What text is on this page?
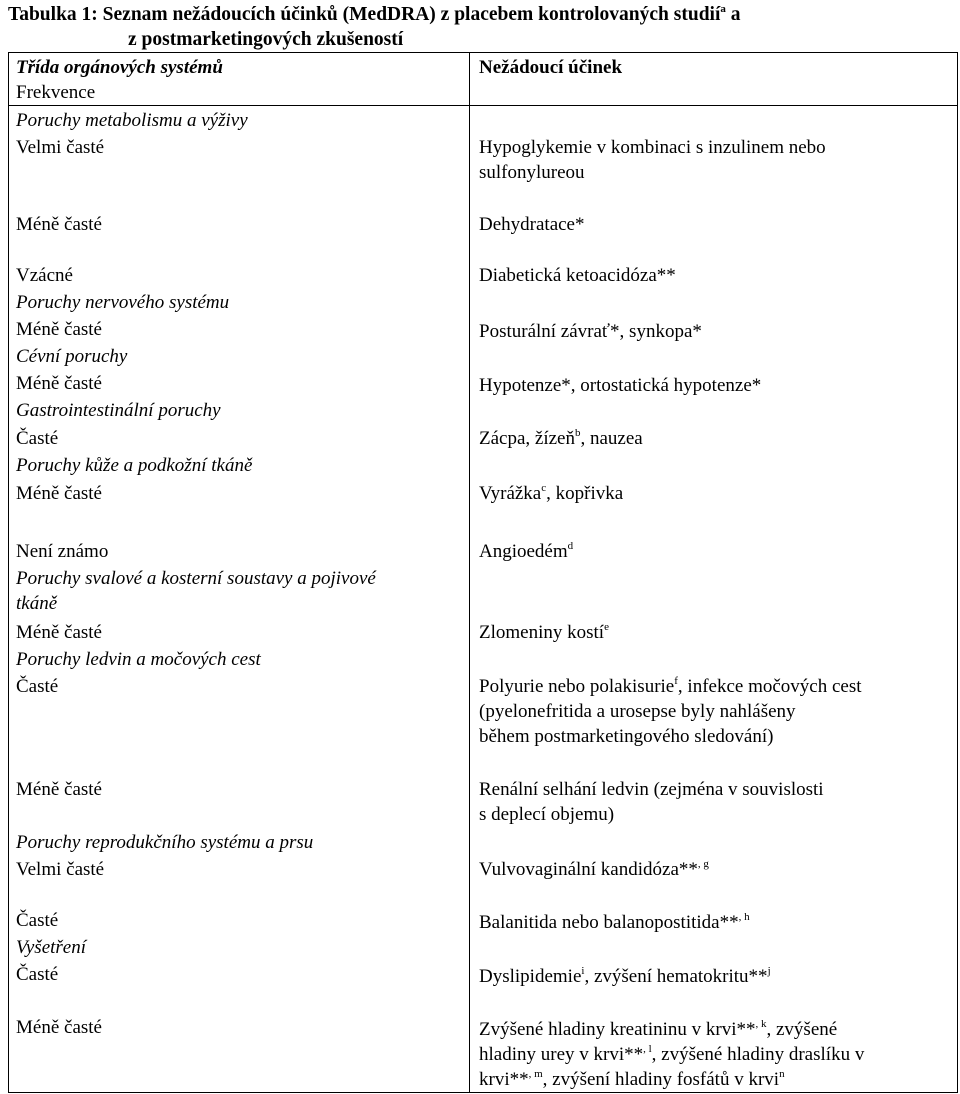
Tabulka 1: Seznam nežádoucích účinků (MedDRA) z placebem kontrolovaných studií$^a$ a
z postmarketingových zkušeností
Třída orgánových systémů
Frekvence
Nežádoucí účinek
Poruchy metabolismu a výživy
Velmi časté	Hypoglykemie v kombinaci s inzulinem nebo
sulfonylureou
Méně časté	Dehydratace*
Vzácné	Diabetická ketoacidóza**
Poruchy nervového systému
Méně časté	Posturální závrať*, synkopa*
Cévní poruchy
Méně časté	Hypotenze*, ortostatická hypotenze*
Gastrointestinální poruchy
Časté	Zácpa, žízeň$^b$, nauzea
Poruchy kůže a podkožní tkáně
Méně časté	Vyrážka$^c$, kopřivka
Není známo	Angioedém$^d$
Poruchy svalové a kosterní soustavy a pojivové
tkáně
Méně časté	Zlomeniny kostí$^e$
Poruchy ledvin a močových cest
Časté	Polyurie nebo polakisurie$^f$, infekce močových cest
(pyelonefritida a urosepse byly nahlášeny
během postmarketingového sledování)
Méně časté	Renální selhání ledvin (zejména v souvislosti
s deplecí objemu)
Poruchy reprodukčního systému a prsu
Velmi časté	Vulvovaginální kandidóza**$^{, g}$
Časté	Balanitida nebo balanopostitida**$^{, h}$
Vyšetření
Časté	Dyslipidemie$^i$, zvýšení hematokritu**$^j$
Méně časté	Zvýšené hladiny kreatininu v krvi**$^{, k}$, zvýšené
hladiny urey v krvi**$^{, l}$, zvýšené hladiny draslíku v
krvi**$^{, m}$, zvýšení hladiny fosfátů v krvi$^n$
